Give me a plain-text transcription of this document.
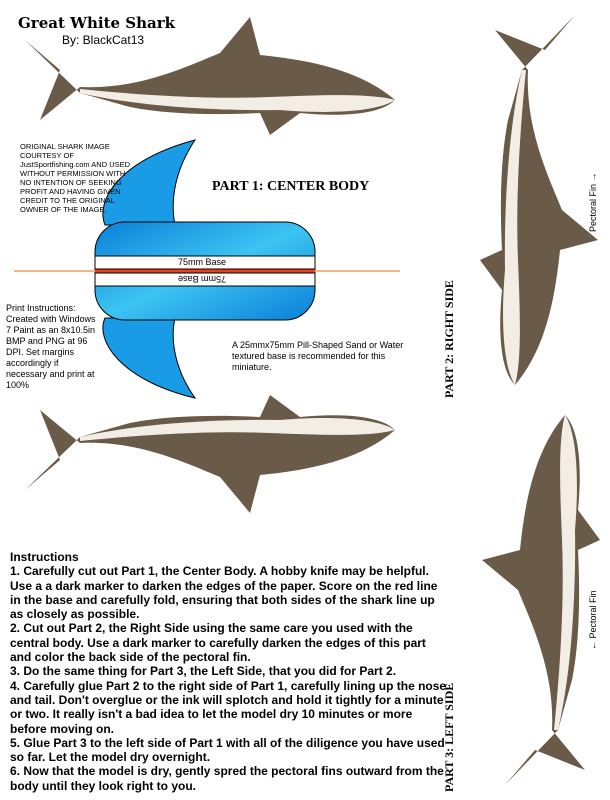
Great White Shark
By: BlackCat13
ORIGINAL SHARK IMAGE COURTESY OF JustSportfishing.com AND USED WITHOUT PERMISSION WITH NO INTENTION OF SEEKING PROFIT AND HAVING GIVEN CREDIT TO THE ORIGINAL OWNER OF THE IMAGE.
Print Instructions: Created with Windows 7 Paint as an 8x10.5in BMP and PNG at 96 DPI. Set margins accordingly if necessary and print at 100%
PART 1: CENTER BODY
75mm Base
75mm Base
A 25mmx75mm Pill-Shaped Sand or Water textured base is recommended for this miniature.	PART 2: RIGHT SIDE
PART 3: LEFT SIDE
Pectoral Fin →
← Pectoral Fin
Instructions
1. Carefully cut out Part 1, the Center Body. A hobby knife may be helpful. Use a a dark marker to darken the edges of the paper. Score on the red line in the base and carefully fold, ensuring that both sides of the shark line up as closely as possible.
2. Cut out Part 2, the Right Side using the same care you used with the central body. Use a dark marker to carefully darken the edges of this part and color the back side of the pectoral fin.
3. Do the same thing for Part 3, the Left Side, that you did for Part 2.
4. Carefully glue Part 2 to the right side of Part 1, carefully lining up the nose and tail. Don't overglue or the ink will splotch and hold it tightly for a minute or two. It really isn't a bad idea to let the model dry 10 minutes or more before moving on.
5. Glue Part 3 to the left side of Part 1 with all of the diligence you have used so far. Let the model dry overnight.
6. Now that the model is dry, gently spred the pectoral fins outward from the body until they look right to you.
